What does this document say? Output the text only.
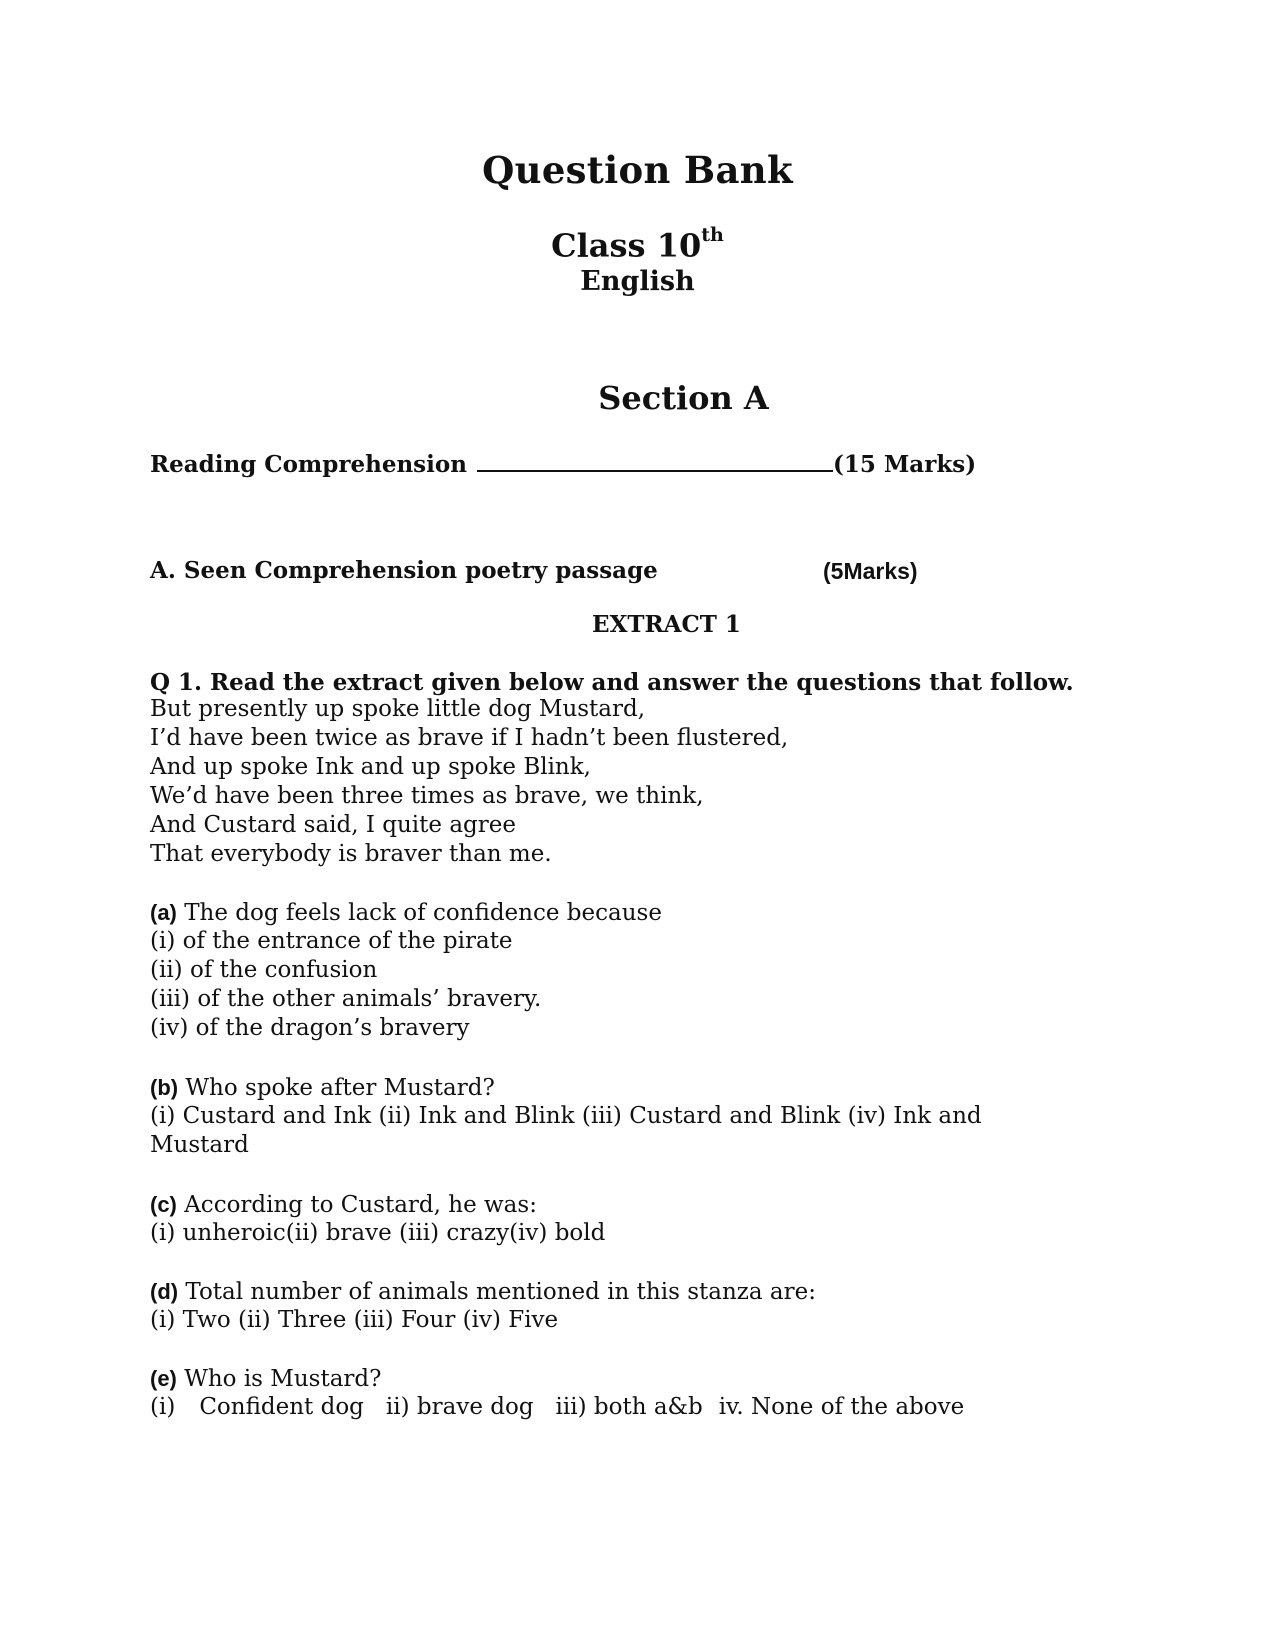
Question Bank
Class 10th
English
Section A
Reading Comprehension	(15 Marks)
A. Seen Comprehension poetry passage	(5Marks)
EXTRACT 1
Q 1. Read the extract given below and answer the questions that follow.
But presently up spoke little dog Mustard,
I’d have been twice as brave if I hadn’t been flustered,
And up spoke Ink and up spoke Blink,
We’d have been three times as brave, we think,
And Custard said, I quite agree
That everybody is braver than me.
(a) The dog feels lack of confidence because
(i) of the entrance of the pirate
(ii) of the confusion
(iii) of the other animals’ bravery.
(iv) of the dragon’s bravery
(b) Who spoke after Mustard?
(i) Custard and Ink (ii) Ink and Blink (iii) Custard and Blink (iv) Ink and
Mustard
(c) According to Custard, he was:
(i) unheroic(ii) brave (iii) crazy(iv) bold
(d) Total number of animals mentioned in this stanza are:
(i) Two (ii) Three (iii) Four (iv) Five
(e) Who is Mustard?
(i) Confident dog ii) brave dog iii) both a&b iv. None of the above
